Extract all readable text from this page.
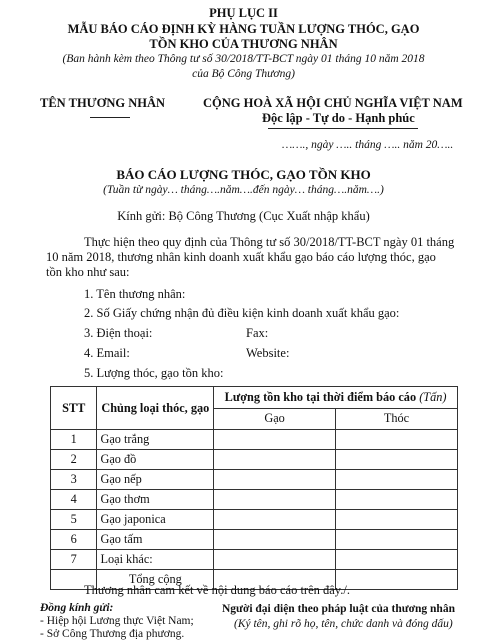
PHỤ LỤC II
MẪU BÁO CÁO ĐỊNH KỲ HÀNG TUẦN LƯỢNG THÓC, GẠO
TỒN KHO CỦA THƯƠNG NHÂN
(Ban hành kèm theo Thông tư số 30/2018/TT-BCT ngày 01 tháng 10 năm 2018
của Bộ Công Thương)
TÊN THƯƠNG NHÂN	CỘNG HOÀ XÃ HỘI CHỦ NGHĨA VIỆT NAM
Độc lập - Tự do - Hạnh phúc
……., ngày ….. tháng ….. năm 20…..
BÁO CÁO LƯỢNG THÓC, GẠO TỒN KHO
(Tuần từ ngày… tháng….năm….đến ngày… tháng….năm….)
Kính gửi: Bộ Công Thương (Cục Xuất nhập khẩu)
Thực hiện theo quy định của Thông tư số 30/2018/TT-BCT ngày 01 tháng
10 năm 2018, thương nhân kinh doanh xuất khẩu gạo báo cáo lượng thóc, gạo
tồn kho như sau:
1. Tên thương nhân:
2. Số Giấy chứng nhận đủ điều kiện kinh doanh xuất khẩu gạo:
3. Điện thoại:	Fax:
4. Email:	Website:
5. Lượng thóc, gạo tồn kho:
STT	Chủng loại thóc, gạo	Lượng tồn kho tại thời điểm báo cáo (Tấn)	
		Gạo	Thóc
1	Gạo trắng		
2	Gạo đồ		
3	Gạo nếp		
4	Gạo thơm		
5	Gạo japonica		
6	Gạo tấm		
7	Loại khác:		
	Tổng cộng		
Thương nhân cam kết về nội dung báo cáo trên đây./.
Đồng kính gửi:
- Hiệp hội Lương thực Việt Nam;
- Sở Công Thương địa phương.
Người đại diện theo pháp luật của thương nhân
(Ký tên, ghi rõ họ, tên, chức danh và đóng dấu)
